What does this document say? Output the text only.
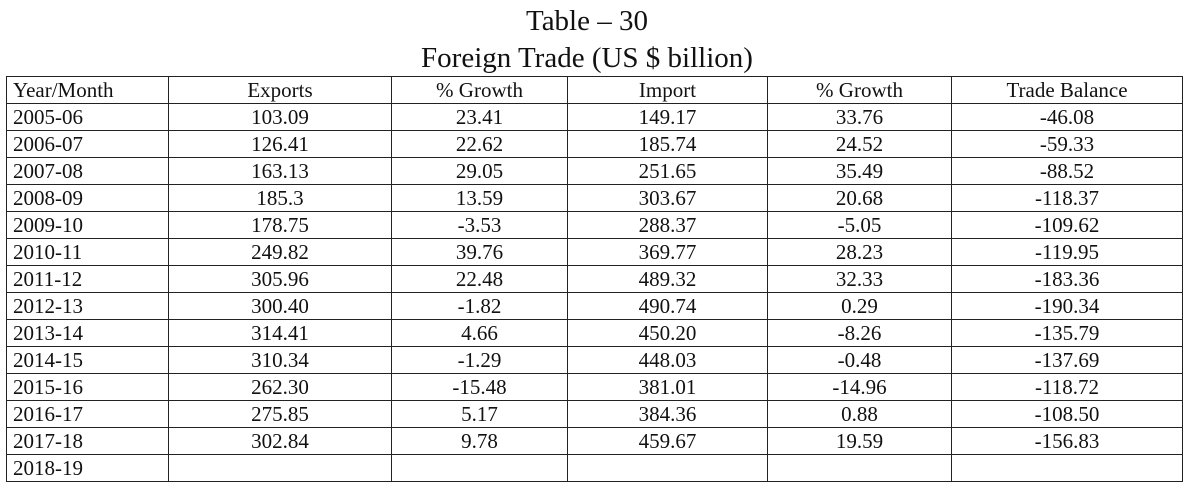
Table – 30
Foreign Trade (US $ billion)
Year/Month	Exports	% Growth	Import	% Growth	Trade Balance
2005-06	103.09	23.41	149.17	33.76	-46.08
2006-07	126.41	22.62	185.74	24.52	-59.33
2007-08	163.13	29.05	251.65	35.49	-88.52
2008-09	185.3	13.59	303.67	20.68	-118.37
2009-10	178.75	-3.53	288.37	-5.05	-109.62
2010-11	249.82	39.76	369.77	28.23	-119.95
2011-12	305.96	22.48	489.32	32.33	-183.36
2012-13	300.40	-1.82	490.74	0.29	-190.34
2013-14	314.41	4.66	450.20	-8.26	-135.79
2014-15	310.34	-1.29	448.03	-0.48	-137.69
2015-16	262.30	-15.48	381.01	-14.96	-118.72
2016-17	275.85	5.17	384.36	0.88	-108.50
2017-18	302.84	9.78	459.67	19.59	-156.83
2018-19					
